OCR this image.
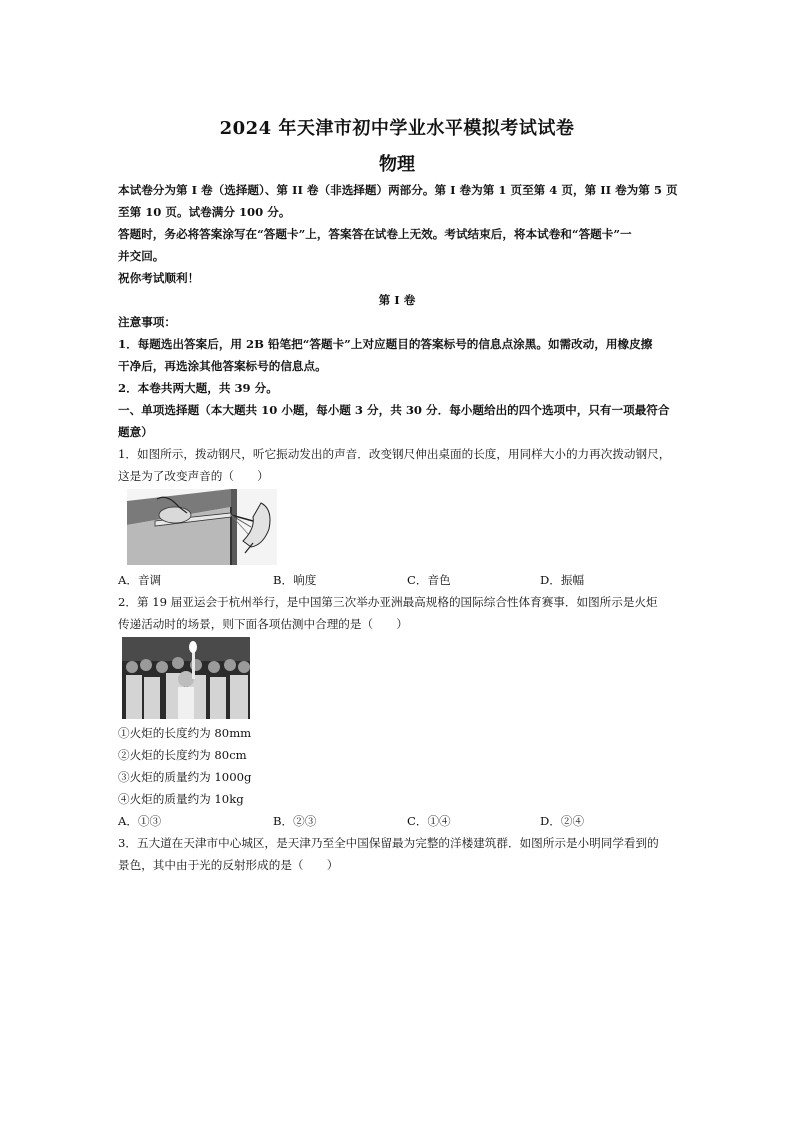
2024 年天津市初中学业水平模拟考试试卷
物理
本试卷分为第 I 卷（选择题）、第 II 卷（非选择题）两部分。第 I 卷为第 1 页至第 4 页，第 II 卷为第 5 页
至第 10 页。试卷满分 100 分。
答题时，务必将答案涂写在“答题卡”上，答案答在试卷上无效。考试结束后，将本试卷和“答题卡”一
并交回。
祝你考试顺利！
第 I 卷
注意事项：
1．每题选出答案后，用 2B 铅笔把“答题卡”上对应题目的答案标号的信息点涂黑。如需改动，用橡皮擦
干净后，再选涂其他答案标号的信息点。
2．本卷共两大题，共 39 分。
一、单项选择题（本大题共 10 小题，每小题 3 分，共 30 分．每小题给出的四个选项中，只有一项最符合
题意）
1．如图所示，拨动钢尺，听它振动发出的声音．改变钢尺伸出桌面的长度，用同样大小的力再次拨动钢尺，
这是为了改变声音的（　　）
A．音调	B．响度	C．音色	D．振幅
2．第 19 届亚运会于杭州举行，是中国第三次举办亚洲最高规格的国际综合性体育赛事．如图所示是火炬
传递活动时的场景，则下面各项估测中合理的是（　　）
①火炬的长度约为 80mm
②火炬的长度约为 80cm
③火炬的质量约为 1000g
④火炬的质量约为 10kg
A．①③	B．②③	C．①④	D．②④
3．五大道在天津市中心城区，是天津乃至全中国保留最为完整的洋楼建筑群．如图所示是小明同学看到的
景色，其中由于光的反射形成的是（　　）
